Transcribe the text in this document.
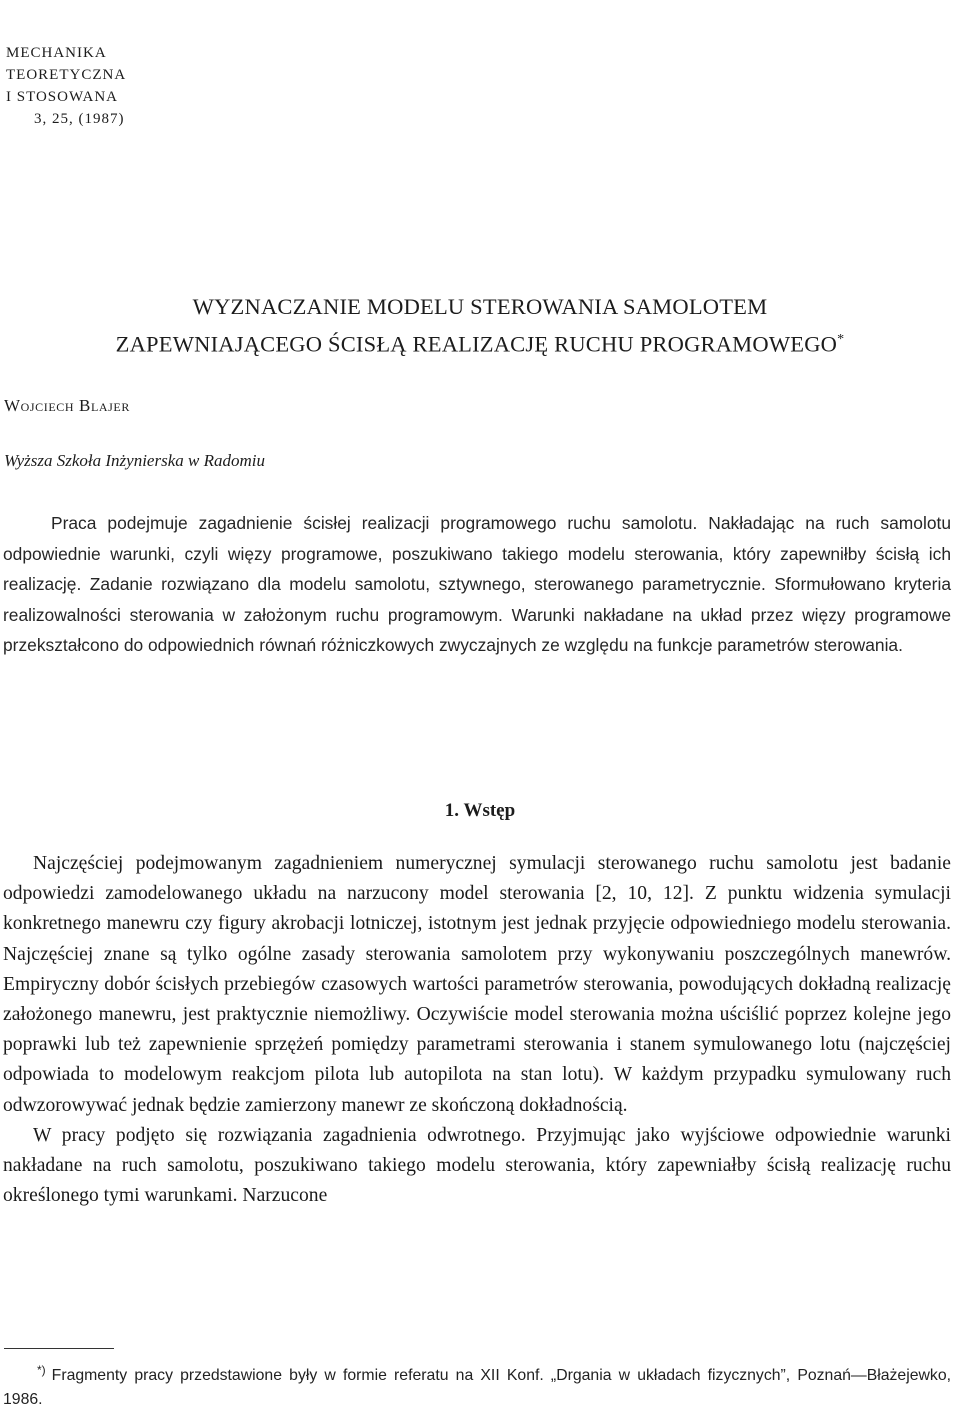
MECHANIKA
TEORETYCZNA
I STOSOWANA
3, 25, (1987)
WYZNACZANIE MODELU STEROWANIA SAMOLOTEM
ZAPEWNIAJĄCEGO ŚCISŁĄ REALIZACJĘ RUCHU PROGRAMOWEGO*
Wojciech Blajer
Wyższa Szkoła Inżynierska w Radomiu

Praca podejmuje zagadnienie ścisłej realizacji programowego ruchu samolotu. Nakładając na ruch samolotu odpowiednie warunki, czyli więzy programowe, poszukiwano takiego modelu sterowania, który zapewniłby ścisłą ich realizację. Zadanie rozwiązano dla modelu samolotu, sztywnego, sterowanego parametrycznie. Sformułowano kryteria realizowalności sterowania w założonym ruchu programowym. Warunki nakładane na układ przez więzy programowe przekształcono do odpowiednich równań różniczkowych zwyczajnych ze względu na funkcje parametrów sterowania.

1. Wstęp

Najczęściej podejmowanym zagadnieniem numerycznej symulacji sterowanego ruchu samolotu jest badanie odpowiedzi zamodelowanego układu na narzucony model sterowania [2, 10, 12]. Z punktu widzenia symulacji konkretnego manewru czy figury akrobacji lotniczej, istotnym jest jednak przyjęcie odpowiedniego modelu sterowania. Najczęściej znane są tylko ogólne zasady sterowania samolotem przy wykonywaniu poszczególnych manewrów. Empiryczny dobór ścisłych przebiegów czasowych wartości parametrów sterowania, powodujących dokładną realizację założonego manewru, jest praktycznie niemożliwy. Oczywiście model sterowania można uściślić poprzez kolejne jego poprawki lub też zapewnienie sprzężeń pomiędzy parametrami sterowania i stanem symulowanego lotu (najczęściej odpowiada to modelowym reakcjom pilota lub autopilota na stan lotu). W każdym przypadku symulowany ruch odwzorowywać jednak będzie zamierzony manewr ze skończoną dokładnością.

W pracy podjęto się rozwiązania zagadnienia odwrotnego. Przyjmując jako wyjściowe odpowiednie warunki nakładane na ruch samolotu, poszukiwano takiego modelu sterowania, który zapewniałby ścisłą realizację ruchu określonego tymi warunkami. Narzucone

*) Fragmenty pracy przedstawione były w formie referatu na XII Konf. „Drgania w układach fizycznych”, Poznań—Błażejewko, 1986.
